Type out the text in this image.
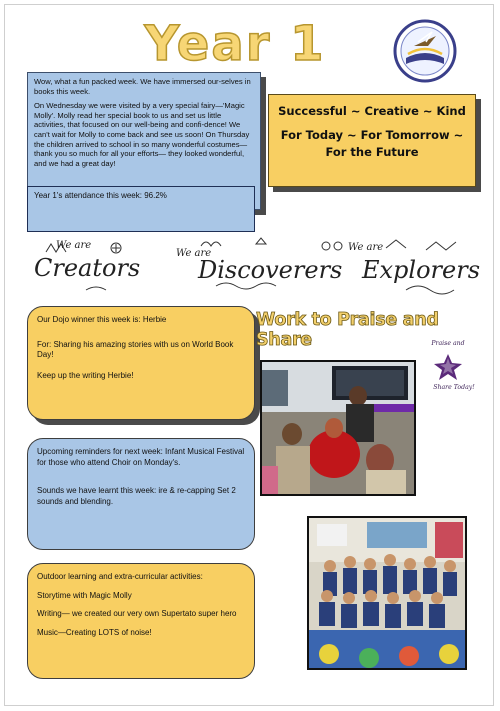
Year 1

Wow, what a fun packed week. We have immersed our-selves in books this week.

On Wednesday we were visited by a very special fairy—'Magic Molly'. Molly read her special book to us and set us little activities, that focused on our well-being and confi-dence! We can't wait for Molly to come back and see us soon! On Thursday the children arrived to school in so many wonderful costumes—thank you so much for all your efforts— they looked wonderful, and we had a great day!

Year 1's attendance this week: 96.2%
Successful ~ Creative ~ Kind
For Today ~ For Tomorrow ~
For the Future
We are
Creators
We are
Discoverers
We are
Explorers

Our Dojo winner this week is: Herbie

For: Sharing his amazing stories with us on World Book Day!

Keep up the writing Herbie!

Upcoming reminders for next week: Infant Musical Festival for those who attend Choir on Monday's.

Sounds we have learnt this week: ire & re-capping Set 2 sounds and blending.

Outdoor learning and extra-curricular activities:

Storytime with Magic Molly

Writing— we created our very own Supertato super hero

Music—Creating LOTS of noise!

Work to Praise and Share	Praise and
Share Today!
